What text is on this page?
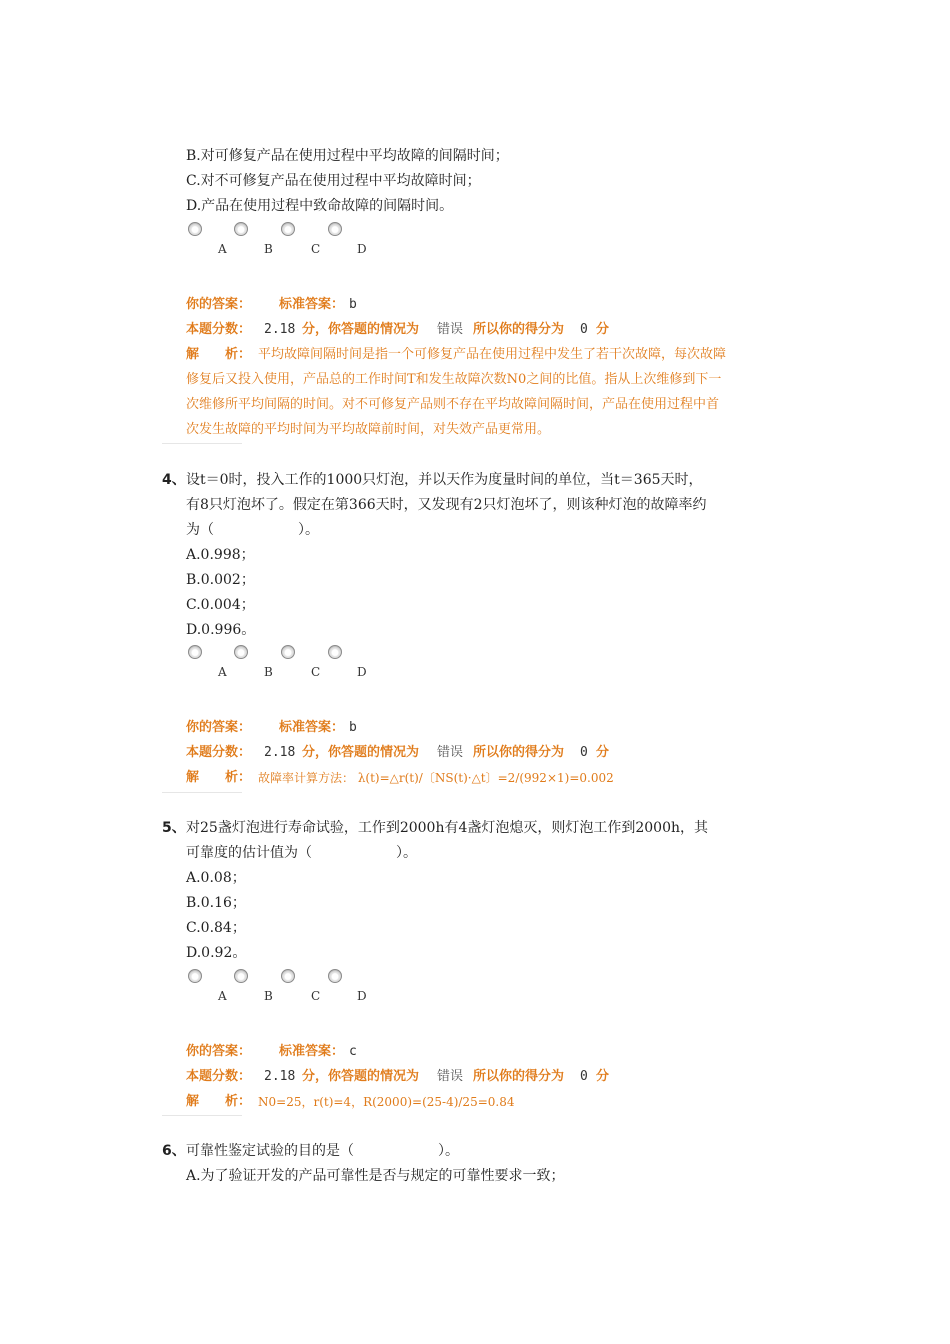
B.对可修复产品在使用过程中平均故障的间隔时间；
C.对不可修复产品在使用过程中平均故障时间；
D.产品在使用过程中致命故障的间隔时间。
A	B	C	D
你的答案： 标准答案： b
本题分数： 2.18 分，你答题的情况为 错误 所以你的得分为 0 分
解　　析： 平均故障间隔时间是指一个可修复产品在使用过程中发生了若干次故障，每次故障
修复后又投入使用，产品总的工作时间T和发生故障次数N0之间的比值。指从上次维修到下一
次维修所平均间隔的时间。对不可修复产品则不存在平均故障间隔时间，产品在使用过程中首
次发生故障的平均时间为平均故障前时间，对失效产品更常用。
4、 设t＝0时，投入工作的1000只灯泡，并以天作为度量时间的单位，当t＝365天时，
有8只灯泡坏了。假定在第366天时，又发现有2只灯泡坏了，则该种灯泡的故障率约
为（　　　　　　）。
A.0.998；
B.0.002；
C.0.004；
D.0.996。
A	B	C	D
你的答案： 标准答案： b
本题分数： 2.18 分，你答题的情况为 错误 所以你的得分为 0 分
解　　析： 故障率计算方法： λ(t)=△r(t)/〔NS(t)·△t〕=2/(992×1)=0.002
5、 对25盏灯泡进行寿命试验，工作到2000h有4盏灯泡熄灭，则灯泡工作到2000h，其
可靠度的估计值为（　　　　　　）。
A.0.08；
B.0.16；
C.0.84；
D.0.92。
A	B	C	D
你的答案： 标准答案： c
本题分数： 2.18 分，你答题的情况为 错误 所以你的得分为 0 分
解　　析： N0=25，r(t)=4，R(2000)=(25-4)/25=0.84
6、 可靠性鉴定试验的目的是（　　　　　　）。
A.为了验证开发的产品可靠性是否与规定的可靠性要求一致；
